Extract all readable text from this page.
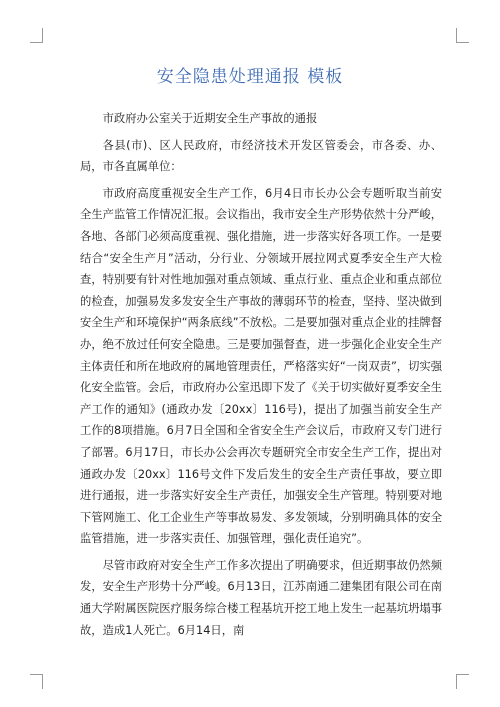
安全隐患处理通报 模板

市政府办公室关于近期安全生产事故的通报

各县(市)、区人民政府，市经济技术开发区管委会，市各委、办、局，市各直属单位：

市政府高度重视安全生产工作，6月4日市长办公会专题听取当前安全生产监管工作情况汇报。会议指出，我市安全生产形势依然十分严峻，各地、各部门必须高度重视、强化措施，进一步落实好各项工作。一是要结合“安全生产月”活动，分行业、分领域开展拉网式夏季安全生产大检查，特别要有针对性地加强对重点领域、重点行业、重点企业和重点部位的检查，加强易发多发安全生产事故的薄弱环节的检查，坚持、坚决做到安全生产和环境保护“两条底线”不放松。二是要加强对重点企业的挂牌督办，绝不放过任何安全隐患。三是要加强督查，进一步强化企业安全生产主体责任和所在地政府的属地管理责任，严格落实好“一岗双责”，切实强化安全监管。会后，市政府办公室迅即下发了《关于切实做好夏季安全生产工作的通知》(通政办发〔20xx〕116号)，提出了加强当前安全生产工作的8项措施。6月7日全国和全省安全生产会议后，市政府又专门进行了部署。6月17日，市长办公会再次专题研究全市安全生产工作，提出对通政办发〔20xx〕116号文件下发后发生的安全生产责任事故，要立即进行通报，进一步落实好安全生产责任，加强安全生产管理。特别要对地下管网施工、化工企业生产等事故易发、多发领域，分别明确具体的安全监管措施，进一步落实责任、加强管理，强化责任追究”。

尽管市政府对安全生产工作多次提出了明确要求，但近期事故仍然频发，安全生产形势十分严峻。6月13日，江苏南通二建集团有限公司在南通大学附属医院医疗服务综合楼工程基坑开挖工地上发生一起基坑坍塌事故，造成1人死亡。6月14日，南
